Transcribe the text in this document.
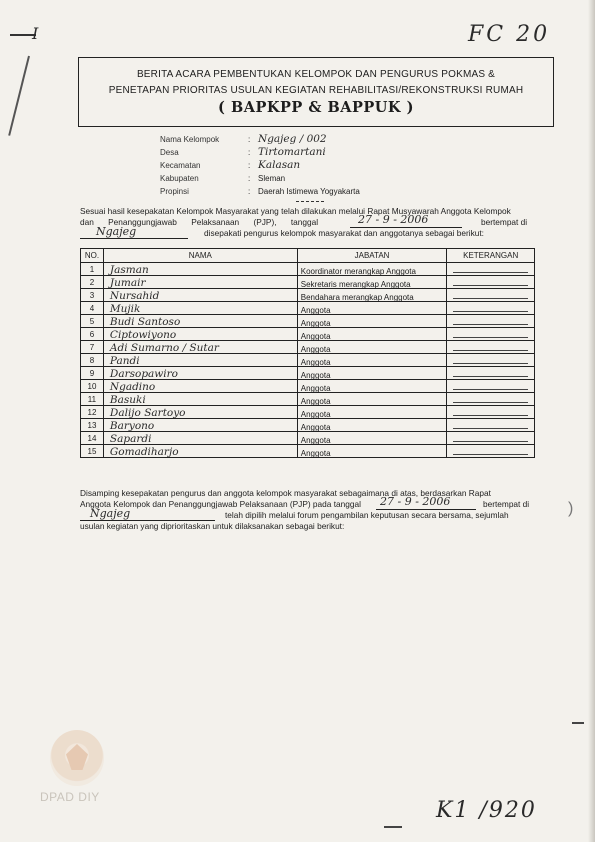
I	FC 20
BERITA ACARA PEMBENTUKAN KELOMPOK DAN PENGURUS POKMAS &
PENETAPAN PRIORITAS USULAN KEGIATAN REHABILITASI/REKONSTRUKSI RUMAH
( BAPKPP & BAPPUK )
Nama Kelompok	: Ngajeg / 002
Desa	: Tirtomartani
Kecamatan	: Kalasan
Kabupaten	: Sleman
Propinsi	: Daerah Istimewa Yogyakarta
Sesuai hasil kesepakatan Kelompok Masyarakat yang telah dilakukan melalui Rapat Musyawarah Anggota Kelompok
dan Penanggungjawab Pelaksanaan (PJP), tanggal	27 - 9 - 2006	bertempat di
Ngajeg	disepakati pengurus kelompok masyarakat dan anggotanya sebagai berikut:
NO.	NAMA	JABATAN	KETERANGAN
1	Jasman	Koordinator merangkap Anggota	
2	Jumair	Sekretaris merangkap Anggota	
3	Nursahid	Bendahara merangkap Anggota	
4	Mujik	Anggota	
5	Budi Santoso	Anggota	
6	Ciptowiyono	Anggota	
7	Adi Sumarno / Sutar	Anggota	
8	Pandi	Anggota	
9	Darsopawiro	Anggota	
10	Ngadino	Anggota	
11	Basuki	Anggota	
12	Dalijo Sartoyo	Anggota	
13	Baryono	Anggota	
14	Sapardi	Anggota	
15	Gomadiharjo	Anggota	
Disamping kesepakatan pengurus dan anggota kelompok masyarakat sebagaimana di atas, berdasarkan Rapat
Anggota Kelompok dan Penanggungjawab Pelaksanaan (PJP) pada tanggal 27 - 9 - 2006	bertempat di
Ngajeg	telah dipilih melalui forum pengambilan keputusan secara bersama, sejumlah
usulan kegiatan yang diprioritaskan untuk dilaksanakan sebagai berikut:
)
DPAD DIY
K1 /920
